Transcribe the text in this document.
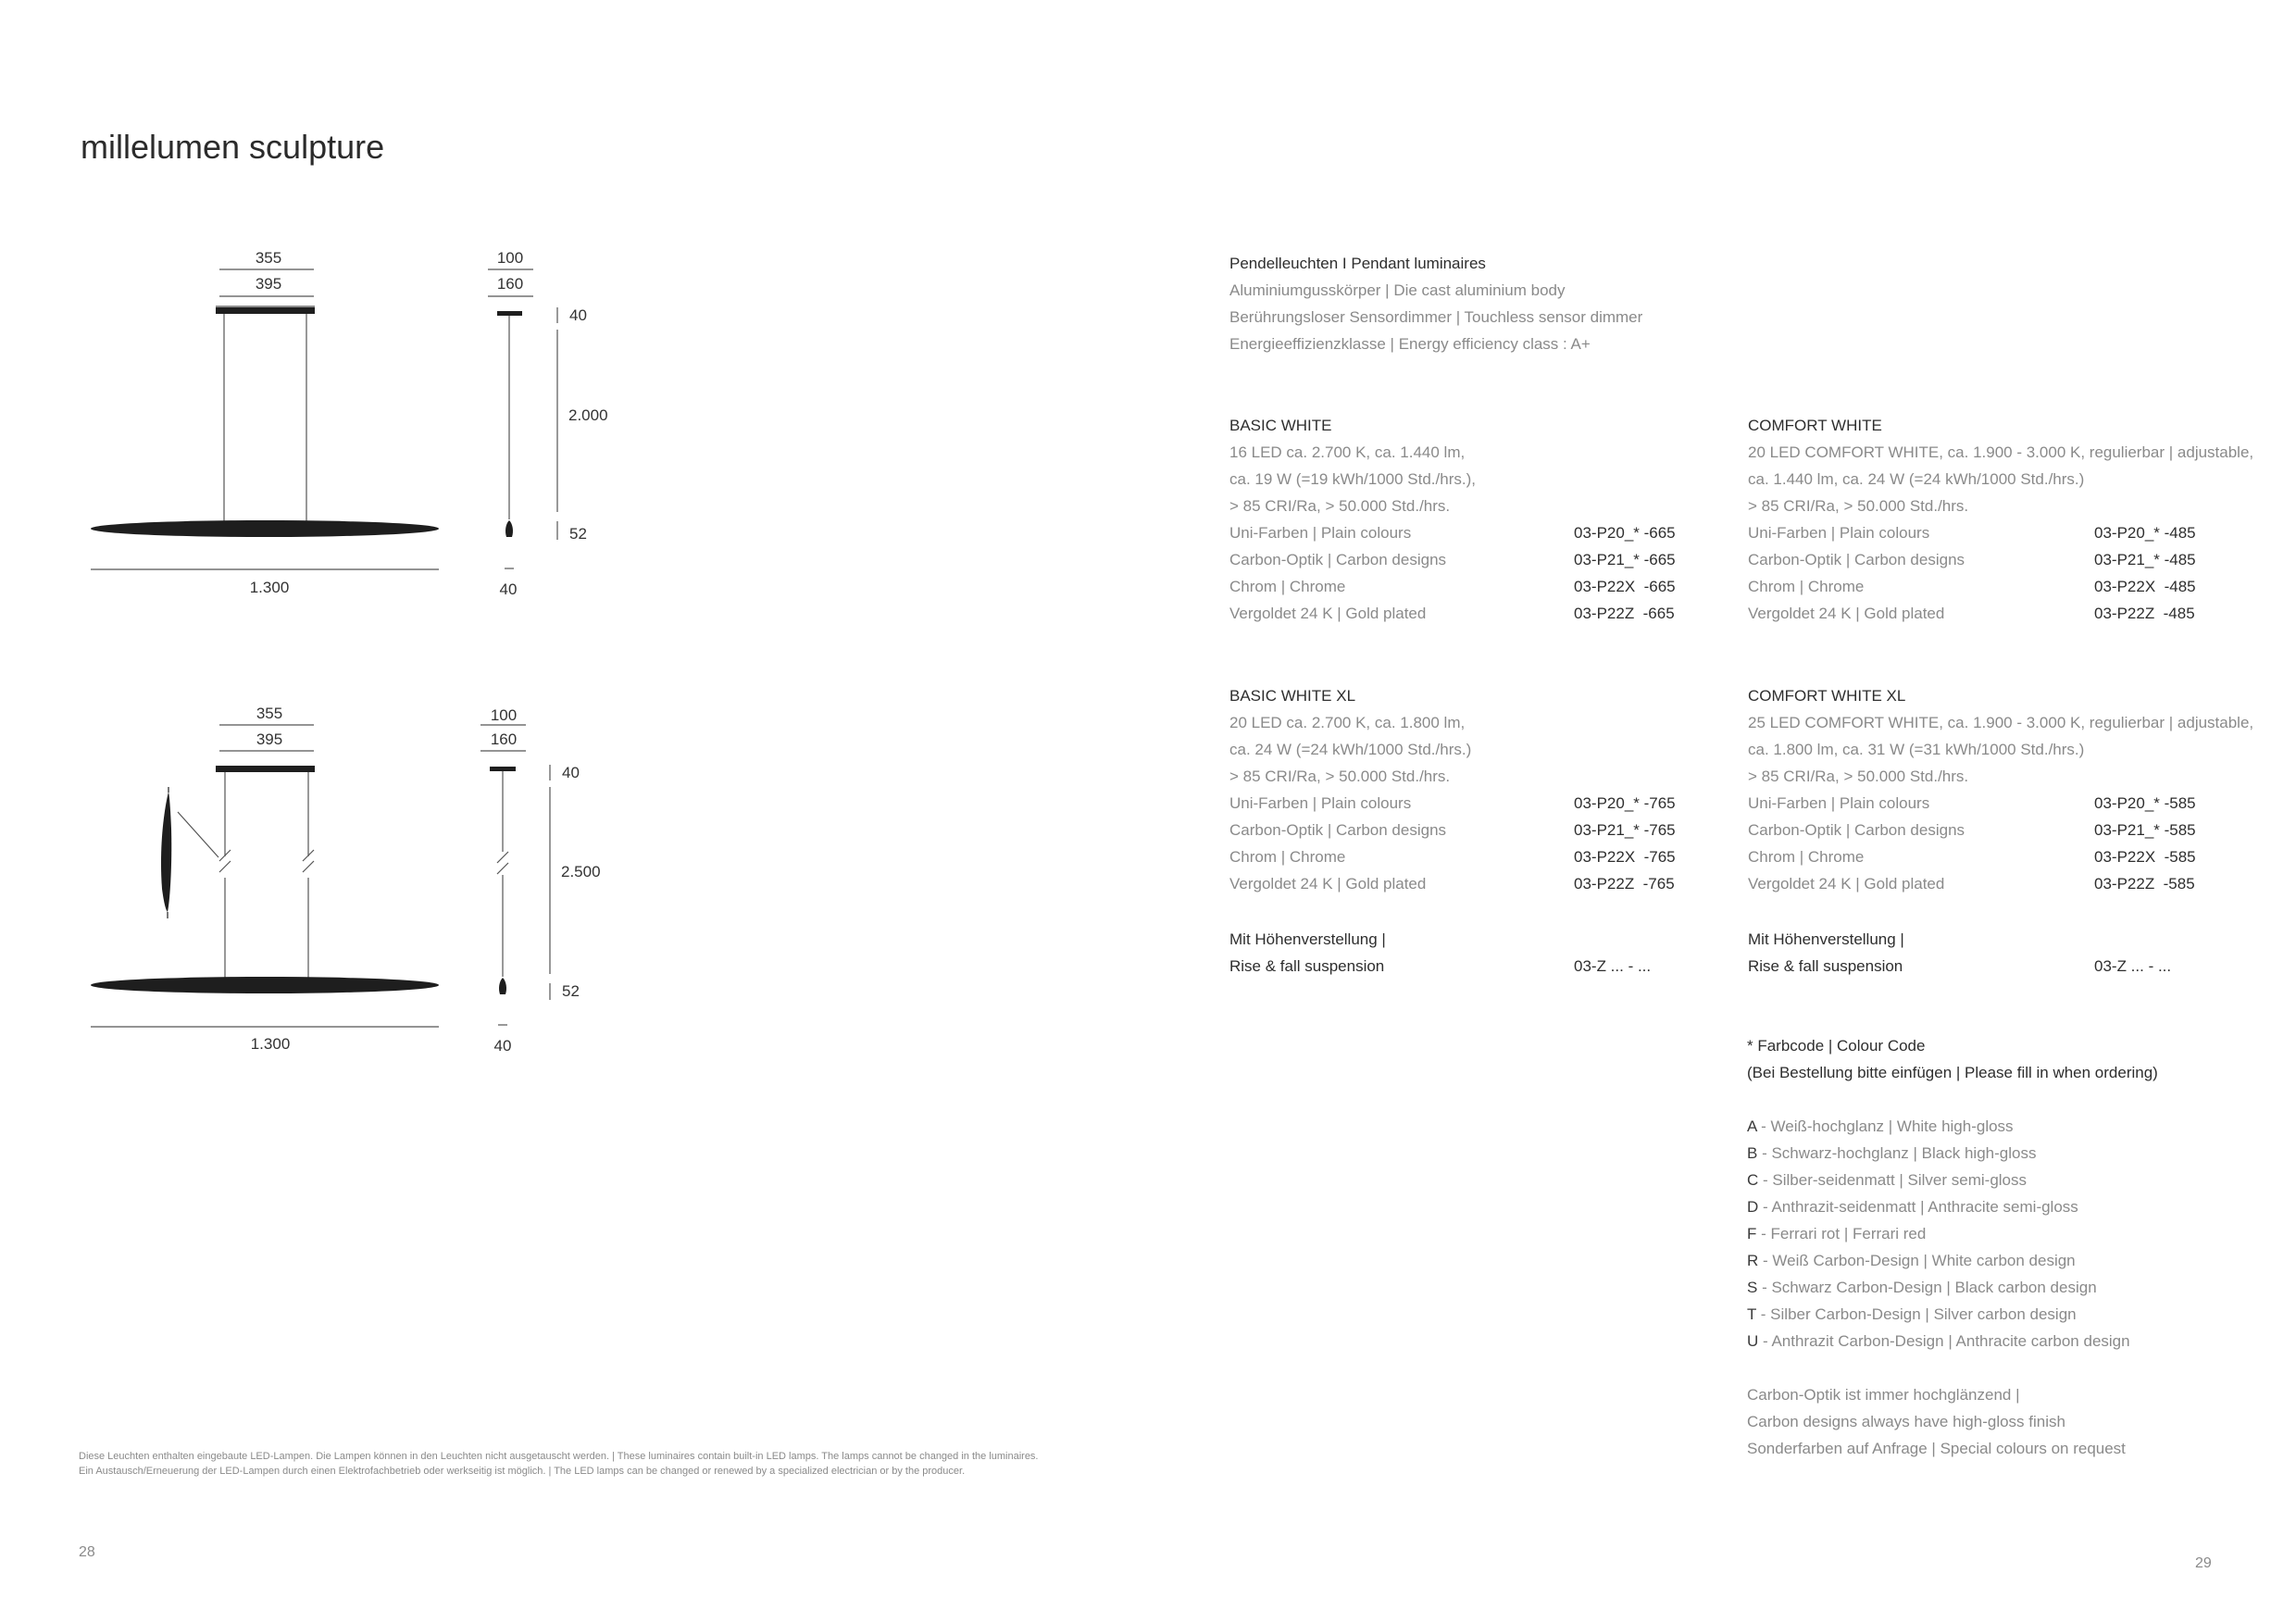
millelumen sculpture
355
395
100
160
40
2.000
52
1.300	40
355
395
100
160
40
2.500
52
1.300	40
Pendelleuchten I Pendant luminaires
Aluminiumgusskörper | Die cast aluminium body
Berührungsloser Sensordimmer | Touchless sensor dimmer
Energieeffizienzklasse | Energy efficiency class : A+
BASIC WHITE
16 LED ca. 2.700 K, ca. 1.440 lm,
ca. 19 W (=19 kWh/1000 Std./hrs.),
> 85 CRI/Ra, > 50.000 Std./hrs.
Uni-Farben | Plain colours	03-P20_* -665
Carbon-Optik | Carbon designs	03-P21_* -665
Chrom | Chrome	03-P22X  -665
Vergoldet 24 K | Gold plated	03-P22Z  -665
COMFORT WHITE
20 LED COMFORT WHITE, ca. 1.900 - 3.000 K, regulierbar | adjustable,
ca. 1.440 lm, ca. 24 W (=24 kWh/1000 Std./hrs.)
> 85 CRI/Ra, > 50.000 Std./hrs.
Uni-Farben | Plain colours	03-P20_* -485
Carbon-Optik | Carbon designs	03-P21_* -485
Chrom | Chrome	03-P22X  -485
Vergoldet 24 K | Gold plated	03-P22Z  -485
BASIC WHITE XL
20 LED ca. 2.700 K, ca. 1.800 lm,
ca. 24 W (=24 kWh/1000 Std./hrs.)
> 85 CRI/Ra, > 50.000 Std./hrs.
Uni-Farben | Plain colours	03-P20_* -765
Carbon-Optik | Carbon designs	03-P21_* -765
Chrom | Chrome	03-P22X  -765
Vergoldet 24 K | Gold plated	03-P22Z  -765
COMFORT WHITE XL
25 LED COMFORT WHITE, ca. 1.900 - 3.000 K, regulierbar | adjustable,
ca. 1.800 lm, ca. 31 W (=31 kWh/1000 Std./hrs.)
> 85 CRI/Ra, > 50.000 Std./hrs.
Uni-Farben | Plain colours	03-P20_* -585
Carbon-Optik | Carbon designs	03-P21_* -585
Chrom | Chrome	03-P22X  -585
Vergoldet 24 K | Gold plated	03-P22Z  -585
Mit Höhenverstellung |
Rise & fall suspension	03-Z ... - ...
Mit Höhenverstellung |
Rise & fall suspension	03-Z ... - ...
* Farbcode | Colour Code
(Bei Bestellung bitte einfügen | Please fill in when ordering)
A - Weiß-hochglanz | White high-gloss
B - Schwarz-hochglanz | Black high-gloss
C - Silber-seidenmatt | Silver semi-gloss
D - Anthrazit-seidenmatt | Anthracite semi-gloss
F - Ferrari rot | Ferrari red
R - Weiß Carbon-Design | White carbon design
S - Schwarz Carbon-Design | Black carbon design
T - Silber Carbon-Design | Silver carbon design
U - Anthrazit Carbon-Design | Anthracite carbon design
Carbon-Optik ist immer hochglänzend |
Carbon designs always have high-gloss finish
Sonderfarben auf Anfrage | Special colours on request
Diese Leuchten enthalten eingebaute LED-Lampen. Die Lampen können in den Leuchten nicht ausgetauscht werden. | These luminaires contain built-in LED lamps. The lamps cannot be changed in the luminaires.
Ein Austausch/Erneuerung der LED-Lampen durch einen Elektrofachbetrieb oder werkseitig ist möglich. | The LED lamps can be changed or renewed by a specialized electrician or by the producer.
28
29
